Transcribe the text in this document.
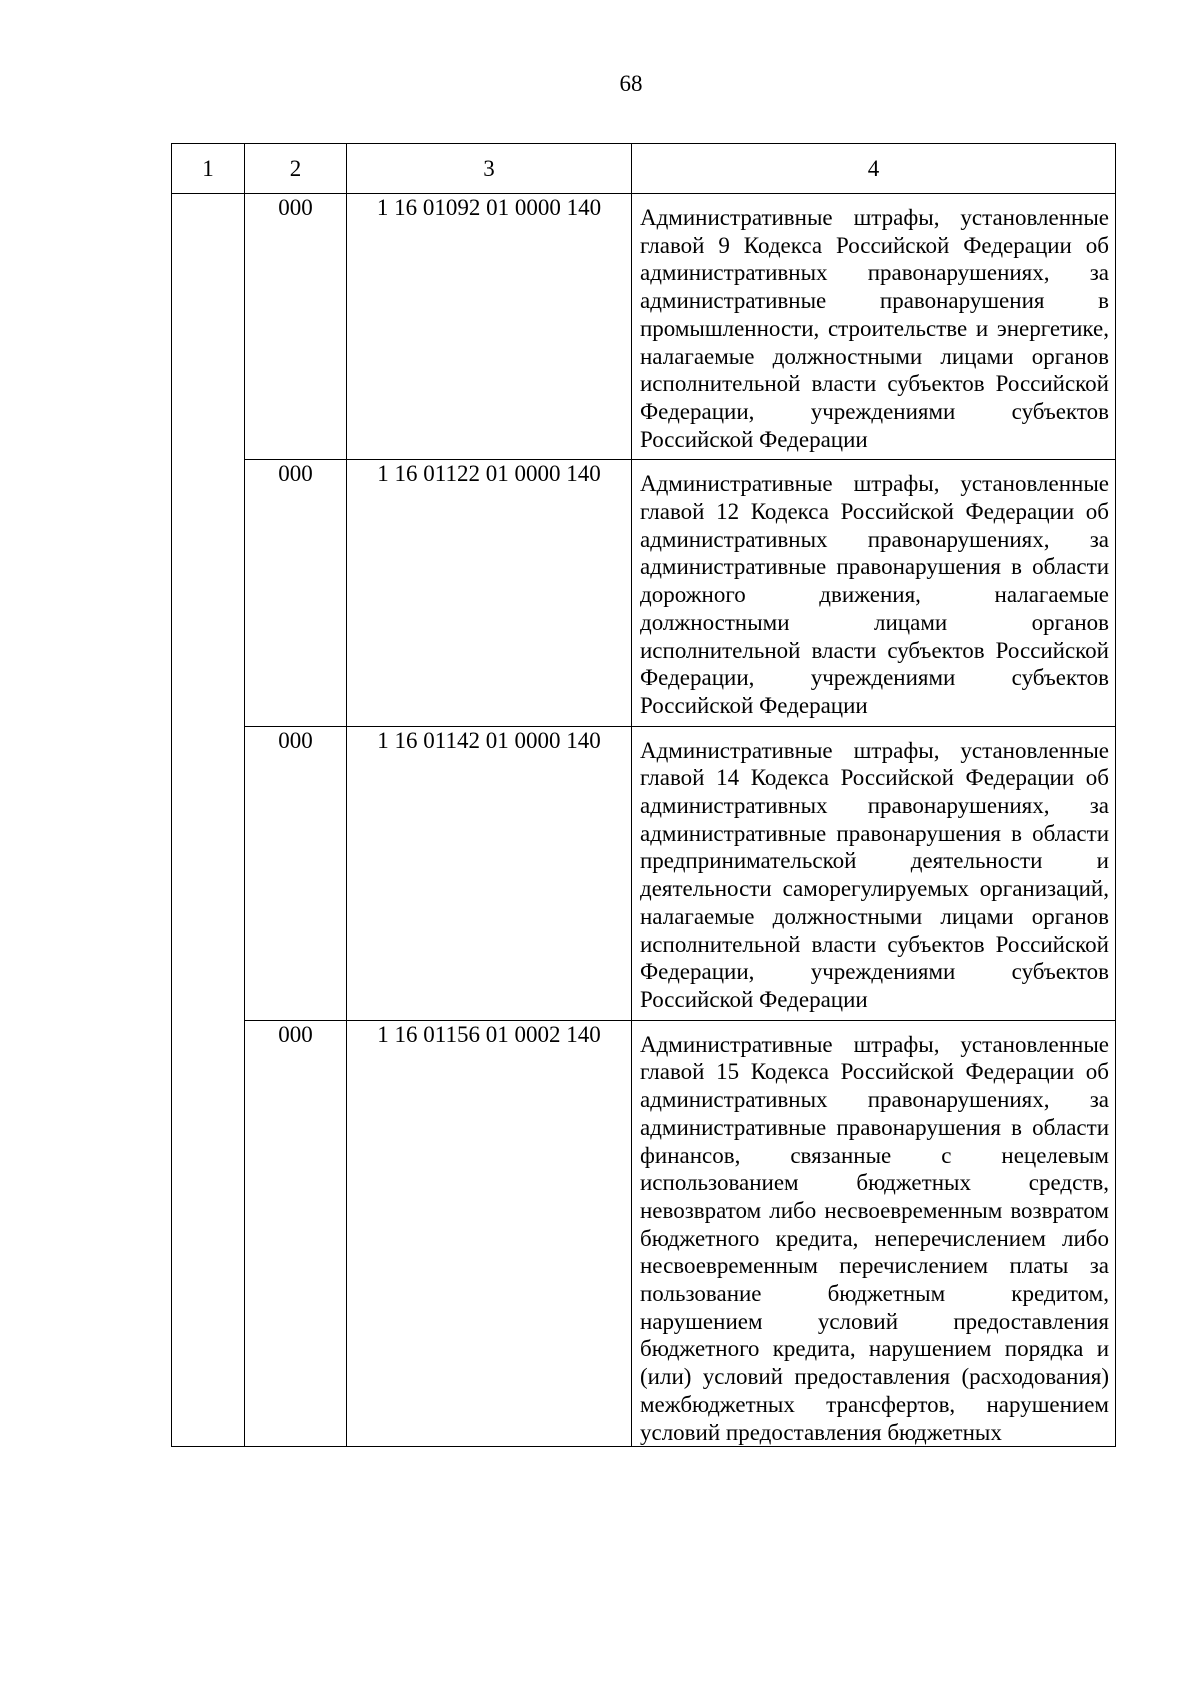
68
1	2	3	4
	000	1 16 01092 01 0000 140	Административные штрафы, установленные главой 9 Кодекса Российской Федерации об административных правонарушениях, за административные правонарушения в промышленности, строительстве и энергетике, налагаемые должностными лицами органов исполнительной власти субъектов Российской Федерации, учреждениями субъектов Российской Федерации
	000	1 16 01122 01 0000 140	Административные штрафы, установленные главой 12 Кодекса Российской Федерации об административных правонарушениях, за административные правонарушения в области дорожного движения, налагаемые должностными лицами органов исполнительной власти субъектов Российской Федерации, учреждениями субъектов Российской Федерации
	000	1 16 01142 01 0000 140	Административные штрафы, установленные главой 14 Кодекса Российской Федерации об административных правонарушениях, за административные правонарушения в области предпринимательской деятельности и деятельности саморегулируемых организаций, налагаемые должностными лицами органов исполнительной власти субъектов Российской Федерации, учреждениями субъектов Российской Федерации
	000	1 16 01156 01 0002 140	Административные штрафы, установленные главой 15 Кодекса Российской Федерации об административных правонарушениях, за административные правонарушения в области финансов, связанные с нецелевым использованием бюджетных средств, невозвратом либо несвоевременным возвратом бюджетного кредита, неперечислением либо несвоевременным перечислением платы за пользование бюджетным кредитом, нарушением условий предоставления бюджетного кредита, нарушением порядка и (или) условий предоставления (расходования) межбюджетных трансфертов, нарушением условий предоставления бюджетных
